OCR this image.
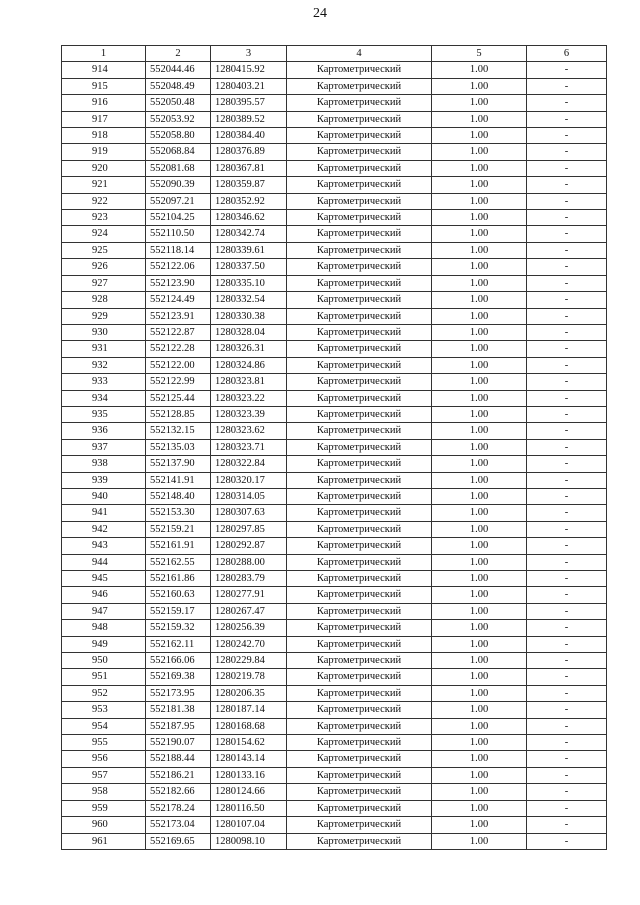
24
1	2	3	4	5	6
914	552044.46	1280415.92	Картометрический	1.00	-
915	552048.49	1280403.21	Картометрический	1.00	-
916	552050.48	1280395.57	Картометрический	1.00	-
917	552053.92	1280389.52	Картометрический	1.00	-
918	552058.80	1280384.40	Картометрический	1.00	-
919	552068.84	1280376.89	Картометрический	1.00	-
920	552081.68	1280367.81	Картометрический	1.00	-
921	552090.39	1280359.87	Картометрический	1.00	-
922	552097.21	1280352.92	Картометрический	1.00	-
923	552104.25	1280346.62	Картометрический	1.00	-
924	552110.50	1280342.74	Картометрический	1.00	-
925	552118.14	1280339.61	Картометрический	1.00	-
926	552122.06	1280337.50	Картометрический	1.00	-
927	552123.90	1280335.10	Картометрический	1.00	-
928	552124.49	1280332.54	Картометрический	1.00	-
929	552123.91	1280330.38	Картометрический	1.00	-
930	552122.87	1280328.04	Картометрический	1.00	-
931	552122.28	1280326.31	Картометрический	1.00	-
932	552122.00	1280324.86	Картометрический	1.00	-
933	552122.99	1280323.81	Картометрический	1.00	-
934	552125.44	1280323.22	Картометрический	1.00	-
935	552128.85	1280323.39	Картометрический	1.00	-
936	552132.15	1280323.62	Картометрический	1.00	-
937	552135.03	1280323.71	Картометрический	1.00	-
938	552137.90	1280322.84	Картометрический	1.00	-
939	552141.91	1280320.17	Картометрический	1.00	-
940	552148.40	1280314.05	Картометрический	1.00	-
941	552153.30	1280307.63	Картометрический	1.00	-
942	552159.21	1280297.85	Картометрический	1.00	-
943	552161.91	1280292.87	Картометрический	1.00	-
944	552162.55	1280288.00	Картометрический	1.00	-
945	552161.86	1280283.79	Картометрический	1.00	-
946	552160.63	1280277.91	Картометрический	1.00	-
947	552159.17	1280267.47	Картометрический	1.00	-
948	552159.32	1280256.39	Картометрический	1.00	-
949	552162.11	1280242.70	Картометрический	1.00	-
950	552166.06	1280229.84	Картометрический	1.00	-
951	552169.38	1280219.78	Картометрический	1.00	-
952	552173.95	1280206.35	Картометрический	1.00	-
953	552181.38	1280187.14	Картометрический	1.00	-
954	552187.95	1280168.68	Картометрический	1.00	-
955	552190.07	1280154.62	Картометрический	1.00	-
956	552188.44	1280143.14	Картометрический	1.00	-
957	552186.21	1280133.16	Картометрический	1.00	-
958	552182.66	1280124.66	Картометрический	1.00	-
959	552178.24	1280116.50	Картометрический	1.00	-
960	552173.04	1280107.04	Картометрический	1.00	-
961	552169.65	1280098.10	Картометрический	1.00	-
